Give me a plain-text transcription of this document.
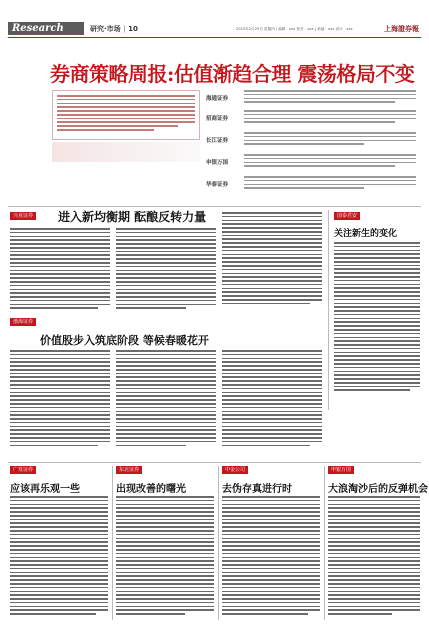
Research	研究·市场 | 10	2010年2月25日 星期四 | 编辑：xxx 校对：xxx | 美编：xxx 设计：xxx	上海證券報
券商策略周报:估值渐趋合理 震荡格局不变
海通证券
招商证券
长江证券
申银万国
华泰证券
兴业证券 进入新均衡期 酝酿反转力量	国泰君安
关注新生的变化
渤海证券
价值股步入筑底阶段 等候春暖花开
广发证券
应该再乐观一些
东北证券
出现改善的曙光
中金公司
去伪存真进行时
申银万国
大浪淘沙后的反弹机会
